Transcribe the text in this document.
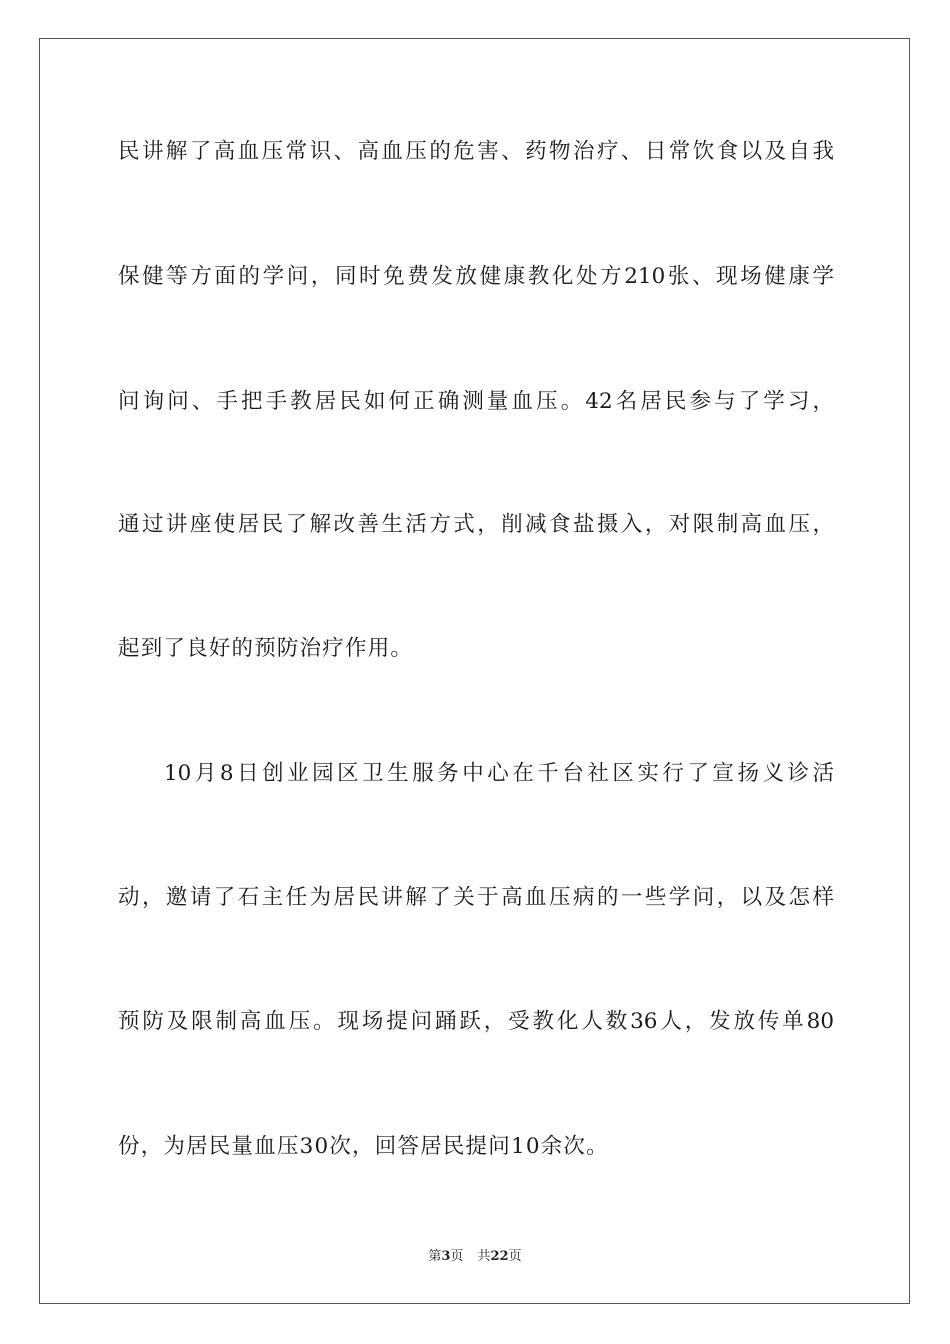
民讲解了高血压常识、高血压的危害、药物治疗、日常饮食以及自我
保健等方面的学问，同时免费发放健康教化处方210张、现场健康学
问询问、手把手教居民如何正确测量血压。42名居民参与了学习，
通过讲座使居民了解改善生活方式，削减食盐摄入，对限制高血压，
起到了良好的预防治疗作用。
10月8日创业园区卫生服务中心在千台社区实行了宣扬义诊活
动，邀请了石主任为居民讲解了关于高血压病的一些学问，以及怎样
预防及限制高血压。现场提问踊跃，受教化人数36人，发放传单80
份，为居民量血压30次，回答居民提问10余次。
第3页 共22页
